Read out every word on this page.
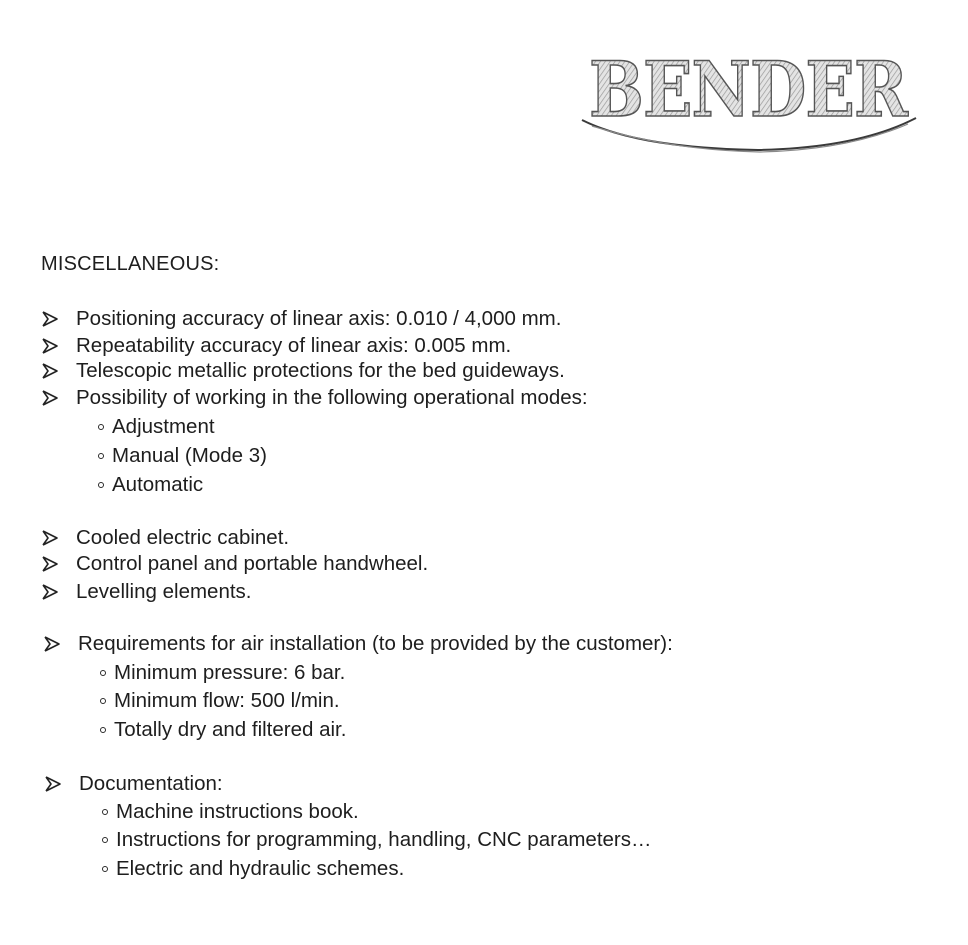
BENDER
MISCELLANEOUS:
Positioning accuracy of linear axis: 0.010 / 4,000 mm.
Repeatability accuracy of linear axis: 0.005 mm.
Telescopic metallic protections for the bed guideways.
Possibility of working in the following operational modes:
Adjustment
Manual (Mode 3)
Automatic
Cooled electric cabinet.
Control panel and portable handwheel.
Levelling elements.
Requirements for air installation (to be provided by the customer):
Minimum pressure: 6 bar.
Minimum flow: 500 l/min.
Totally dry and filtered air.
Documentation:
Machine instructions book.
Instructions for programming, handling, CNC parameters…
Electric and hydraulic schemes.
